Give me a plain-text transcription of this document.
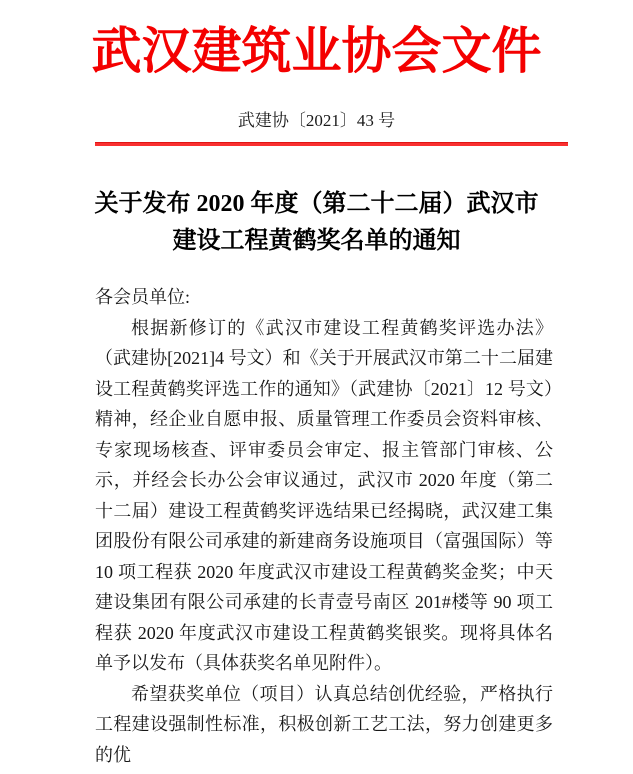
武汉建筑业协会文件
武建协〔2021〕43 号
关于发布 2020 年度（第二十二届）武汉市
建设工程黄鹤奖名单的通知

各会员单位:

根据新修订的《武汉市建设工程黄鹤奖评选办法》（武建协[2021]4 号文）和《关于开展武汉市第二十二届建设工程黄鹤奖评选工作的通知》（武建协〔2021〕12 号文）精神，经企业自愿申报、质量管理工作委员会资料审核、专家现场核查、评审委员会审定、报主管部门审核、公示，并经会长办公会审议通过，武汉市 2020 年度（第二十二届）建设工程黄鹤奖评选结果已经揭晓，武汉建工集团股份有限公司承建的新建商务设施项目（富强国际）等 10 项工程获 2020 年度武汉市建设工程黄鹤奖金奖；中天建设集团有限公司承建的长青壹号南区 201#楼等 90 项工程获 2020 年度武汉市建设工程黄鹤奖银奖。现将具体名单予以发布（具体获奖名单见附件）。

希望获奖单位（项目）认真总结创优经验，严格执行工程建设强制性标准，积极创新工艺工法，努力创建更多的优
